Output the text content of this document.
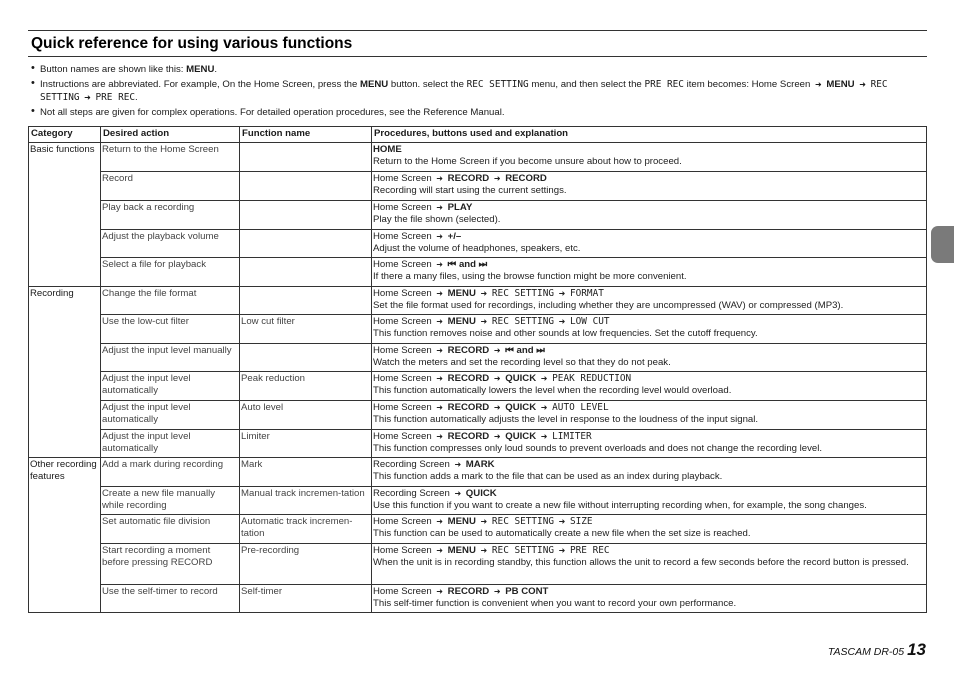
Quick reference for using various functions
• Button names are shown like this: MENU.
• Instructions are abbreviated. For example, On the Home Screen, press the MENU button. select the REC SETTING menu, and then select the PRE REC item becomes: Home Screen ➜ MENU ➜ REC SETTING ➜ PRE REC.
• Not all steps are given for complex operations. For detailed operation procedures, see the Reference Manual.
Category	Desired action	Function name	Procedures, buttons used and explanation
Basic functions	Return to the Home Screen		HOME
Return to the Home Screen if you become unsure about how to proceed.

	Record		Home Screen ➜ RECORD ➜ RECORD
Recording will start using the current settings.

	Play back a recording		Home Screen ➜ PLAY
Play the file shown (selected).

	Adjust the playback volume		Home Screen ➜ +/–
Adjust the volume of headphones, speakers, etc.

	Select a file for playback		Home Screen ➜ ⏮ and ⏭
If there a many files, using the browse function might be more convenient.

Recording	Change the file format		Home Screen ➜ MENU ➜ REC SETTING ➜ FORMAT
Set the file format used for recordings, including whether they are uncompressed (WAV) or compressed (MP3).

	Use the low-cut filter	Low cut filter	Home Screen ➜ MENU ➜ REC SETTING ➜ LOW CUT
This function removes noise and other sounds at low frequencies. Set the cutoff frequency.

	Adjust the input level manually		Home Screen ➜ RECORD ➜ ⏮ and ⏭
Watch the meters and set the recording level so that they do not peak.

	Adjust the input level automatically	Peak reduction	Home Screen ➜ RECORD ➜ QUICK ➜ PEAK REDUCTION
This function automatically lowers the level when the recording level would overload.

	Adjust the input level automatically	Auto level	Home Screen ➜ RECORD ➜ QUICK ➜ AUTO LEVEL
This function automatically adjusts the level in response to the loudness of the input signal.

	Adjust the input level automatically	Limiter	Home Screen ➜ RECORD ➜ QUICK ➜ LIMITER
This function compresses only loud sounds to prevent overloads and does not change the recording level.

Other recording features	Add a mark during recording	Mark	Recording Screen ➜ MARK
This function adds a mark to the file that can be used as an index during playback.

	Create a new file manually while recording	Manual track incremen-tation	Recording Screen ➜ QUICK
Use this function if you want to create a new file without interrupting recording when, for example, the song changes.

	Set automatic file division	Automatic track incremen-tation	Home Screen ➜ MENU ➜ REC SETTING ➜ SIZE
This function can be used to automatically create a new file when the set size is reached.

	Start recording a moment before pressing RECORD	Pre-recording	Home Screen ➜ MENU ➜ REC SETTING ➜ PRE REC
When the unit is in recording standby, this function allows the unit to record a few seconds before the record button is pressed.

	Use the self-timer to record	Self-timer	Home Screen ➜ RECORD ➜ PB CONT
This self-timer function is convenient when you want to record your own performance.
TASCAM DR-05 13
